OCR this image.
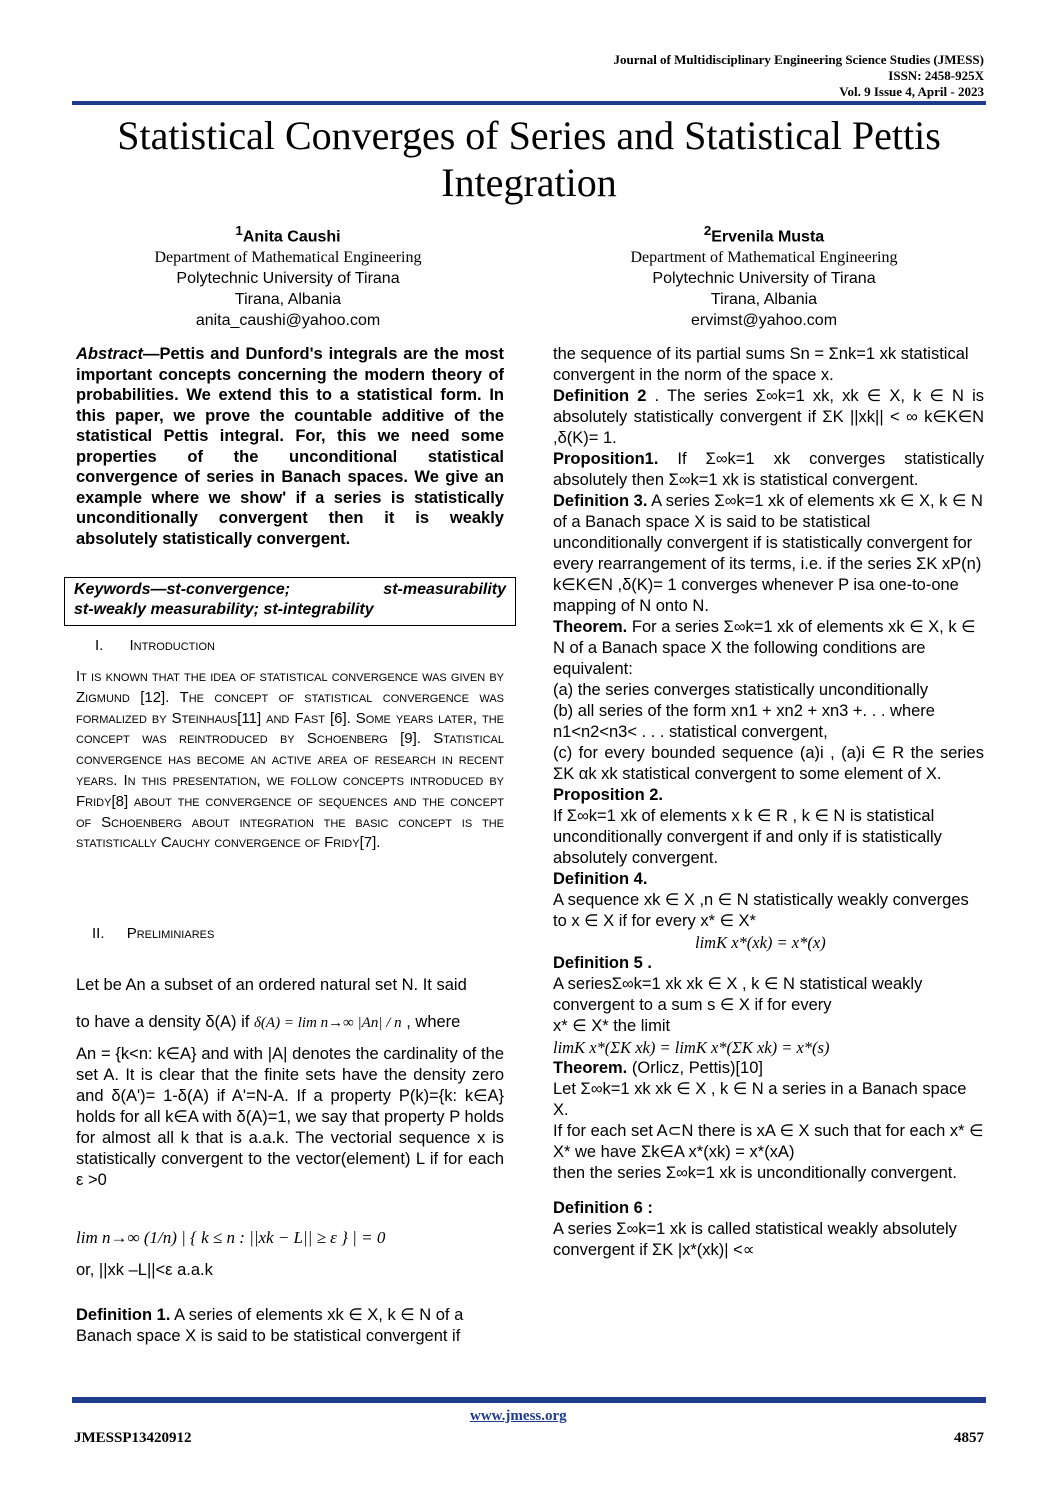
Journal of Multidisciplinary Engineering Science Studies (JMESS)
ISSN: 2458-925X
Vol. 9 Issue 4, April - 2023
Statistical Converges of Series and Statistical Pettis Integration
$^1$Anita Caushi
Department of Mathematical Engineering
Polytechnic University of Tirana
Tirana, Albania
anita_caushi@yahoo.com
$^2$Ervenila Musta
Department of Mathematical Engineering
Polytechnic University of Tirana
Tirana, Albania
ervimst@yahoo.com

Abstract—Pettis and Dunford's integrals are the most important concepts concerning the modern theory of probabilities. We extend this to a statistical form. In this paper, we prove the countable additive of the statistical Pettis integral. For, this we need some properties of the unconditional statistical convergence of series in Banach spaces. We give an example where we show' if a series is statistically unconditionally convergent then it is weakly absolutely statistically convergent.

Keywords—st-convergence; st-measurability
st-weakly measurability; st-integrability
I. Introduction

It is known that the idea of statistical convergence was given by Zigmund [12]. The concept of statistical convergence was formalized by Steinhaus[11] and Fast [6]. Some years later, the concept was reintroduced by Schoenberg [9]. Statistical convergence has become an active area of research in recent years. In this presentation, we follow concepts introduced by Fridy[8] about the convergence of sequences and the concept of Schoenberg about integration the basic concept is the statistically Cauchy convergence of Fridy[7].

II. Preliminiares

Let be An a subset of an ordered natural set N. It said

to have a density δ(A) if δ(A) = lim n→∞ |An| / n , where

An = {k<n: k∈A} and with |A| denotes the cardinality of the set A. It is clear that the finite sets have the density zero and δ(A')= 1-δ(A) if A'=N-A. If a property P(k)={k: k∈A} holds for all k∈A with δ(A)=1, we say that property P holds for almost all k that is a.a.k. The vectorial sequence x is statistically convergent to the vector(element) L if for each ε >0

lim n→∞ (1/n) | { k ≤ n : ||xk − L|| ≥ ε } | = 0

or, ||xk –L||<ε a.a.k

Definition 1. A series of elements xk ∈ X, k ∈ N of a Banach space X is said to be statistical convergent if

the sequence of its partial sums Sn = Σnk=1 xk statistical convergent in the norm of the space x.

Definition 2 . The series Σ∞k=1 xk, xk ∈ X, k ∈ N is absolutely statistically convergent if ΣK ||xk|| < ∞ k∈K∈N ,δ(K)= 1.

Proposition1. If Σ∞k=1 xk converges statistically absolutely then Σ∞k=1 xk is statistical convergent.

Definition 3. A series Σ∞k=1 xk of elements xk ∈ X, k ∈ N of a Banach space X is said to be statistical unconditionally convergent if is statistically convergent for every rearrangement of its terms, i.e. if the series ΣK xP(n) k∈K∈N ,δ(K)= 1 converges whenever P isa one-to-one mapping of N onto N.

Theorem. For a series Σ∞k=1 xk of elements xk ∈ X, k ∈ N of a Banach space X the following conditions are equivalent:

(a) the series converges statistically unconditionally

(b) all series of the form xn1 + xn2 + xn3 +. . . where n1<n2<n3< . . . statistical convergent,

(c) for every bounded sequence (a)i , (a)i ∈ R the series ΣK αk xk statistical convergent to some element of X.

Proposition 2.

If Σ∞k=1 xk of elements x k ∈ R , k ∈ N is statistical unconditionally convergent if and only if is statistically absolutely convergent.

Definition 4.

A sequence xk ∈ X ,n ∈ N statistically weakly converges to x ∈ X if for every x* ∈ X*

limK x*(xk) = x*(x)

Definition 5 .

A seriesΣ∞k=1 xk xk ∈ X , k ∈ N statistical weakly convergent to a sum s ∈ X if for every

x* ∈ X* the limit

limK x*(ΣK xk) = limK x*(ΣK xk) = x*(s)

Theorem. (Orlicz, Pettis)[10]

Let Σ∞k=1 xk xk ∈ X , k ∈ N a series in a Banach space X.

If for each set A⊂N there is xA ∈ X such that for each x* ∈ X* we have Σk∈A x*(xk) = x*(xA)

then the series Σ∞k=1 xk is unconditionally convergent.

Definition 6 :

A series Σ∞k=1 xk is called statistical weakly absolutely convergent if ΣK |x*(xk)| <∝

www.jmess.org
JMESSP13420912	4857
